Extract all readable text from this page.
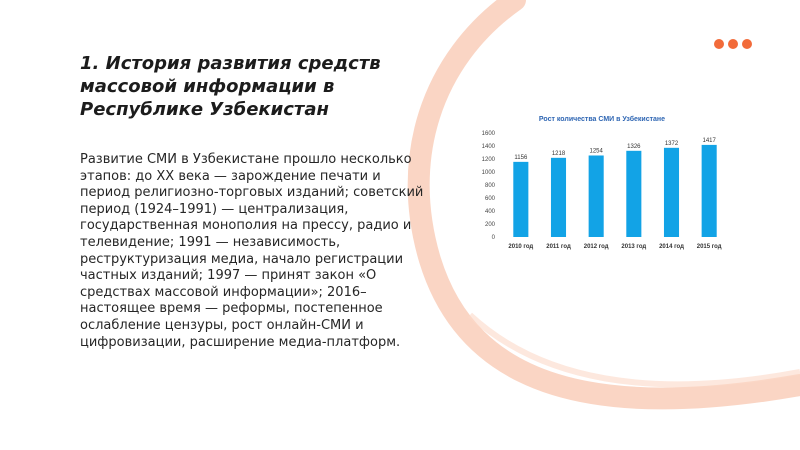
1. История развития средств массовой информации в Республике Узбекистан

Развитие СМИ в Узбекистане прошло несколько этапов: до XX века — зарождение печати и период религиозно-торговых изданий; советский период (1924–1991) — централизация, государственная монополия на прессу, радио и телевидение; 1991 — независимость, реструктуризация медиа, начало регистрации частных изданий; 1997 — принят закон «О средствах массовой информации»; 2016–настоящее время — реформы, постепенное ослабление цензуры, рост онлайн-СМИ и цифровизации, расширение медиа-платформ.

Рост количества СМИ в Узбекистане
0
200
400
600
800
1000
1200
1400
1600
1156
2010 год
1218
2011 год
1254
2012 год
1326
2013 год
1372
2014 год
1417
2015 год
